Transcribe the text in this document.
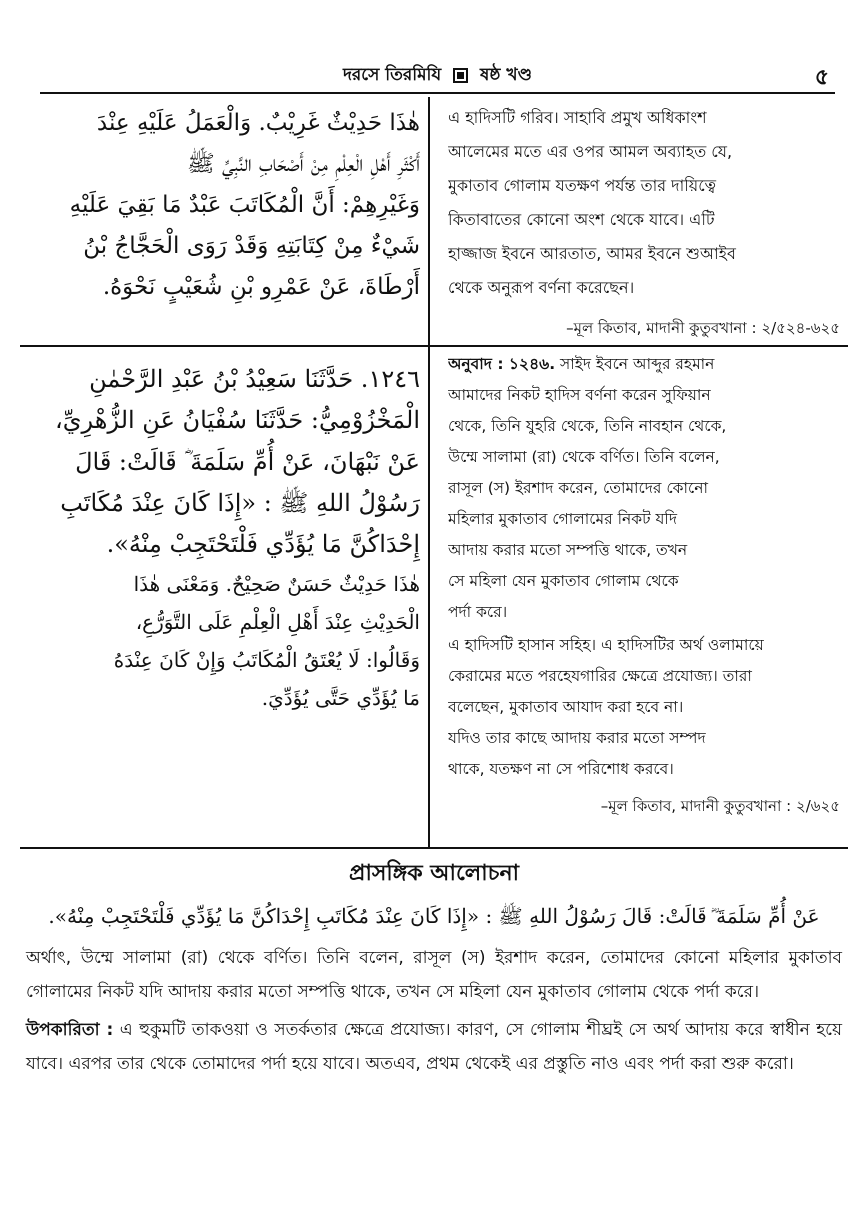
দরসে তিরমিযি ষষ্ঠ খণ্ড	৫
هٰذَا حَدِيْثٌ غَرِيْبٌ. وَالْعَمَلُ عَلَيْهِ عِنْدَ
أَكْثَرِ أَهْلِ الْعِلْمِ مِنْ أَصْحَابِ النَّبِيِّ ﷺ
وَغَيْرِهِمْ: أَنَّ الْمُكَاتَبَ عَبْدٌ مَا بَقِيَ عَلَيْهِ
شَيْءٌ مِنْ كِتَابَتِهِ وَقَدْ رَوَى الْحَجَّاجُ بْنُ
أَرْطَاةَ، عَنْ عَمْرِو بْنِ شُعَيْبٍ نَحْوَهُ.
এ হাদিসটি গরিব। সাহাবি প্রমুখ অধিকাংশ
আলেমের মতে এর ওপর আমল অব্যাহত যে,
মুকাতাব গোলাম যতক্ষণ পর্যন্ত তার দায়িত্বে
কিতাবাতের কোনো অংশ থেকে যাবে। এটি
হাজ্জাজ ইবনে আরতাত, আমর ইবনে শুআইব
থেকে অনুরূপ বর্ণনা করেছেন।
–মূল কিতাব, মাদানী কুতুবখানা : ২/৫২৪-৬২৫
١٢٤٦. حَدَّثَنَا سَعِيْدُ بْنُ عَبْدِ الرَّحْمٰنِ
الْمَخْزُوْمِيُّ: حَدَّثَنَا سُفْيَانُ عَنِ الزُّهْرِيِّ،
عَنْ نَبْهَانَ، عَنْ أُمِّ سَلَمَةَ ؓ قَالَتْ: قَالَ
رَسُوْلُ اللهِ ﷺ : «إِذَا كَانَ عِنْدَ مُكَاتَبِ
إِحْدَاكُنَّ مَا يُؤَدِّي فَلْتَحْتَجِبْ مِنْهُ».
هٰذَا حَدِيْثٌ حَسَنٌ صَحِيْحٌ. وَمَعْنَى هٰذَا
الْحَدِيْثِ عِنْدَ أَهْلِ الْعِلْمِ عَلَى التَّوَرُّعِ،
وَقَالُوا: لَا يُعْتَقُ الْمُكَاتَبُ وَإِنْ كَانَ عِنْدَهُ
مَا يُؤَدِّي حَتَّى يُؤَدِّيَ.
অনুবাদ : ১২৪৬. সাইদ ইবনে আব্দুর রহমান
আমাদের নিকট হাদিস বর্ণনা করেন সুফিয়ান
থেকে, তিনি যুহরি থেকে, তিনি নাবহান থেকে,
উম্মে সালামা (রা) থেকে বর্ণিত। তিনি বলেন,
রাসূল (স) ইরশাদ করেন, তোমাদের কোনো
মহিলার মুকাতাব গোলামের নিকট যদি
আদায় করার মতো সম্পত্তি থাকে, তখন
সে মহিলা যেন মুকাতাব গোলাম থেকে
পর্দা করে।
এ হাদিসটি হাসান সহিহ। এ হাদিসটির অর্থ ওলামায়ে
কেরামের মতে পরহেযগারির ক্ষেত্রে প্রযোজ্য। তারা
বলেছেন, মুকাতাব আযাদ করা হবে না।
যদিও তার কাছে আদায় করার মতো সম্পদ
থাকে, যতক্ষণ না সে পরিশোধ করবে।
–মূল কিতাব, মাদানী কুতুবখানা : ২/৬২৫
প্রাসঙ্গিক আলোচনা
عَنْ أُمِّ سَلَمَةَ ؓ قَالَتْ: قَالَ رَسُوْلُ اللهِ ﷺ : «إِذَا كَانَ عِنْدَ مُكَاتَبِ إِحْدَاكُنَّ مَا يُؤَدِّي فَلْتَحْتَجِبْ مِنْهُ».

অর্থাৎ, উম্মে সালামা (রা) থেকে বর্ণিত। তিনি বলেন, রাসূল (স) ইরশাদ করেন, তোমাদের কোনো মহিলার মুকাতাব গোলামের নিকট যদি আদায় করার মতো সম্পত্তি থাকে, তখন সে মহিলা যেন মুকাতাব গোলাম থেকে পর্দা করে।

উপকারিতা : এ হুকুমটি তাকওয়া ও সতর্কতার ক্ষেত্রে প্রযোজ্য। কারণ, সে গোলাম শীঘ্রই সে অর্থ আদায় করে স্বাধীন হয়ে যাবে। এরপর তার থেকে তোমাদের পর্দা হয়ে যাবে। অতএব, প্রথম থেকেই এর প্রস্তুতি নাও এবং পর্দা করা শুরু করো।
